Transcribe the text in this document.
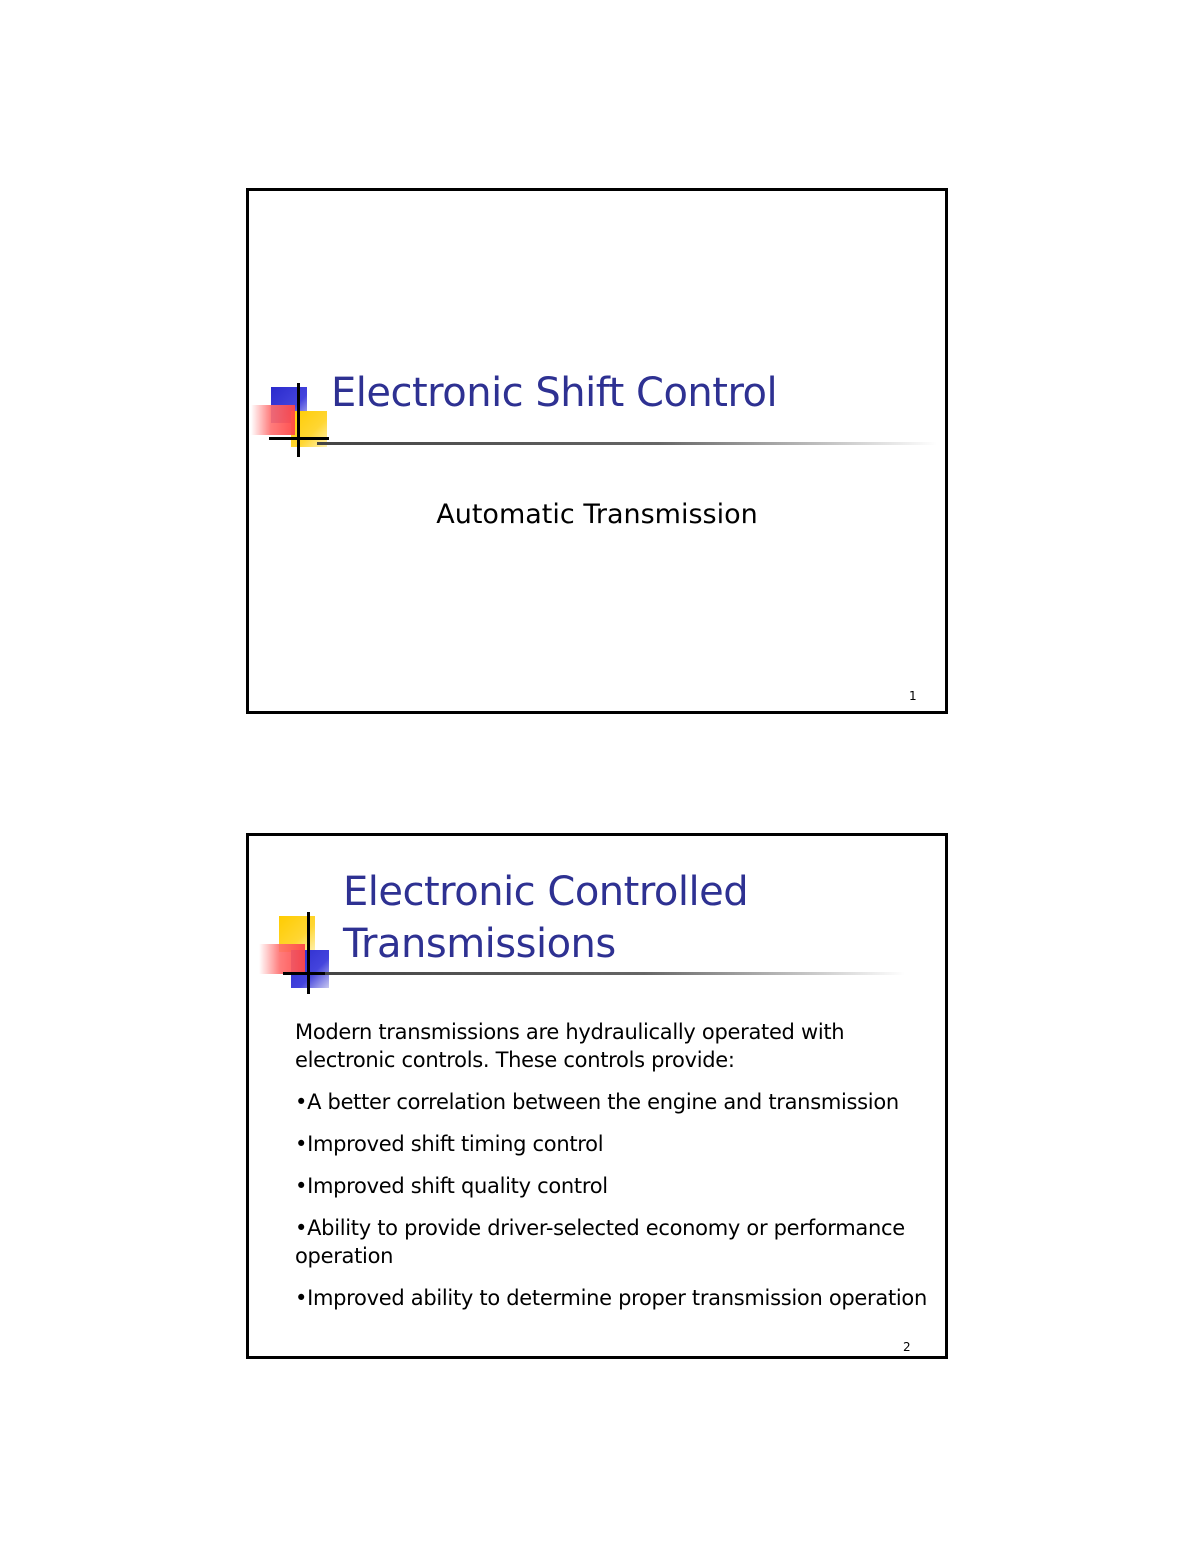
Electronic Shift Control
Automatic Transmission
1
Electronic Controlled
Transmissions

Modern transmissions are hydraulically operated with electronic controls. These controls provide:

•A better correlation between the engine and transmission
•Improved shift timing control
•Improved shift quality control
•Ability to provide driver-selected economy or performance operation
•Improved ability to determine proper transmission operation
2
